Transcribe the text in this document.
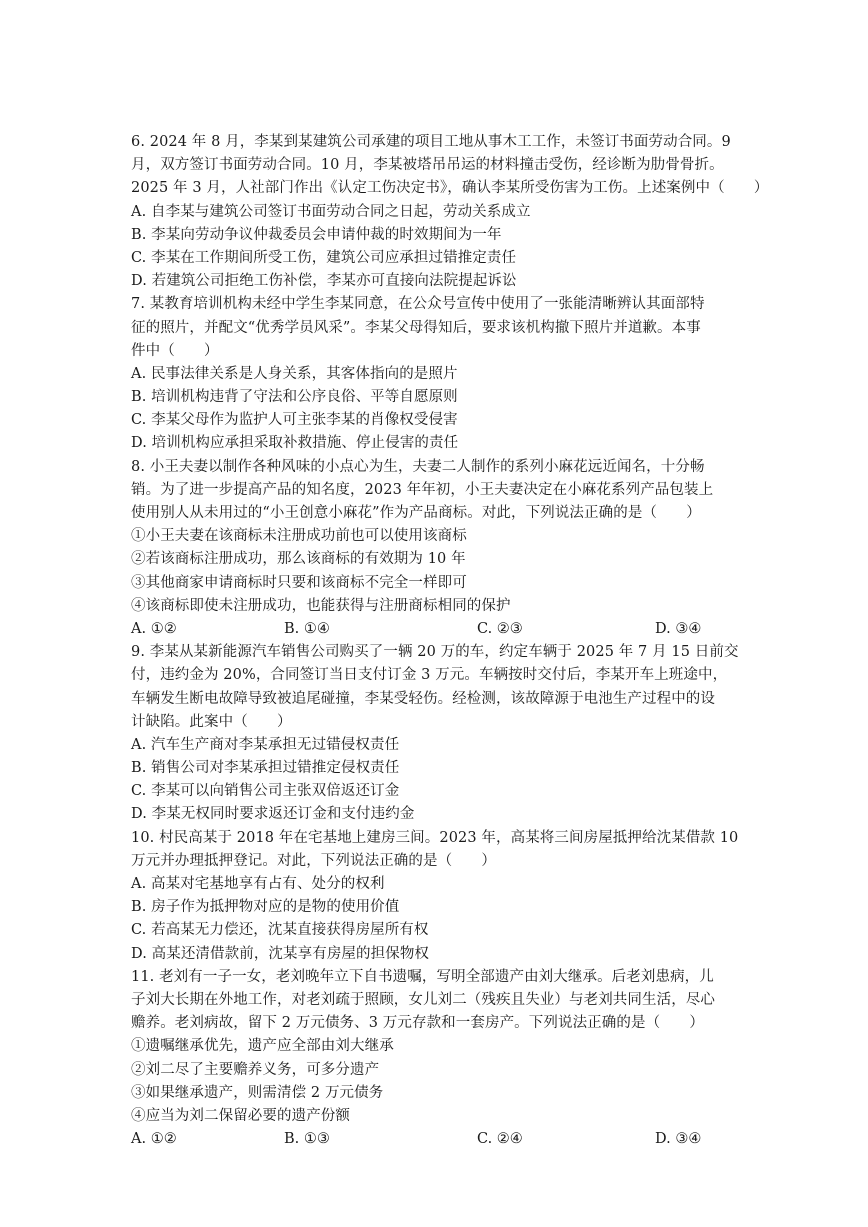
6. 2024 年 8 月，李某到某建筑公司承建的项目工地从事木工工作，未签订书面劳动合同。9
月，双方签订书面劳动合同。10 月，李某被塔吊吊运的材料撞击受伤，经诊断为肋骨骨折。
2025 年 3 月，人社部门作出《认定工伤决定书》，确认李某所受伤害为工伤。上述案例中（　　）
A. 自李某与建筑公司签订书面劳动合同之日起，劳动关系成立
B. 李某向劳动争议仲裁委员会申请仲裁的时效期间为一年
C. 李某在工作期间所受工伤，建筑公司应承担过错推定责任
D. 若建筑公司拒绝工伤补偿，李某亦可直接向法院提起诉讼
7. 某教育培训机构未经中学生李某同意，在公众号宣传中使用了一张能清晰辨认其面部特
征的照片，并配文“优秀学员风采”。李某父母得知后，要求该机构撤下照片并道歉。本事
件中（　　）
A. 民事法律关系是人身关系，其客体指向的是照片
B. 培训机构违背了守法和公序良俗、平等自愿原则
C. 李某父母作为监护人可主张李某的肖像权受侵害
D. 培训机构应承担采取补救措施、停止侵害的责任
8. 小王夫妻以制作各种风味的小点心为生，夫妻二人制作的系列小麻花远近闻名，十分畅
销。为了进一步提高产品的知名度，2023 年年初，小王夫妻决定在小麻花系列产品包装上
使用别人从未用过的“小王创意小麻花”作为产品商标。对此，下列说法正确的是（　　）
①小王夫妻在该商标未注册成功前也可以使用该商标
②若该商标注册成功，那么该商标的有效期为 10 年
③其他商家申请商标时只要和该商标不完全一样即可
④该商标即使未注册成功，也能获得与注册商标相同的保护
A. ①②	B. ①④	C. ②③	D. ③④
9. 李某从某新能源汽车销售公司购买了一辆 20 万的车，约定车辆于 2025 年 7 月 15 日前交
付，违约金为 20%，合同签订当日支付订金 3 万元。车辆按时交付后，李某开车上班途中，
车辆发生断电故障导致被追尾碰撞，李某受轻伤。经检测，该故障源于电池生产过程中的设
计缺陷。此案中（　　）
A. 汽车生产商对李某承担无过错侵权责任
B. 销售公司对李某承担过错推定侵权责任
C. 李某可以向销售公司主张双倍返还订金
D. 李某无权同时要求返还订金和支付违约金
10. 村民高某于 2018 年在宅基地上建房三间。2023 年，高某将三间房屋抵押给沈某借款 10
万元并办理抵押登记。对此，下列说法正确的是（　　）
A. 高某对宅基地享有占有、处分的权利
B. 房子作为抵押物对应的是物的使用价值
C. 若高某无力偿还，沈某直接获得房屋所有权
D. 高某还清借款前，沈某享有房屋的担保物权
11. 老刘有一子一女，老刘晚年立下自书遗嘱，写明全部遗产由刘大继承。后老刘患病，儿
子刘大长期在外地工作，对老刘疏于照顾，女儿刘二（残疾且失业）与老刘共同生活，尽心
赡养。老刘病故，留下 2 万元债务、3 万元存款和一套房产。下列说法正确的是（　　）
①遗嘱继承优先，遗产应全部由刘大继承
②刘二尽了主要赡养义务，可多分遗产
③如果继承遗产，则需清偿 2 万元债务
④应当为刘二保留必要的遗产份额
A. ①②	B. ①③	C. ②④	D. ③④
